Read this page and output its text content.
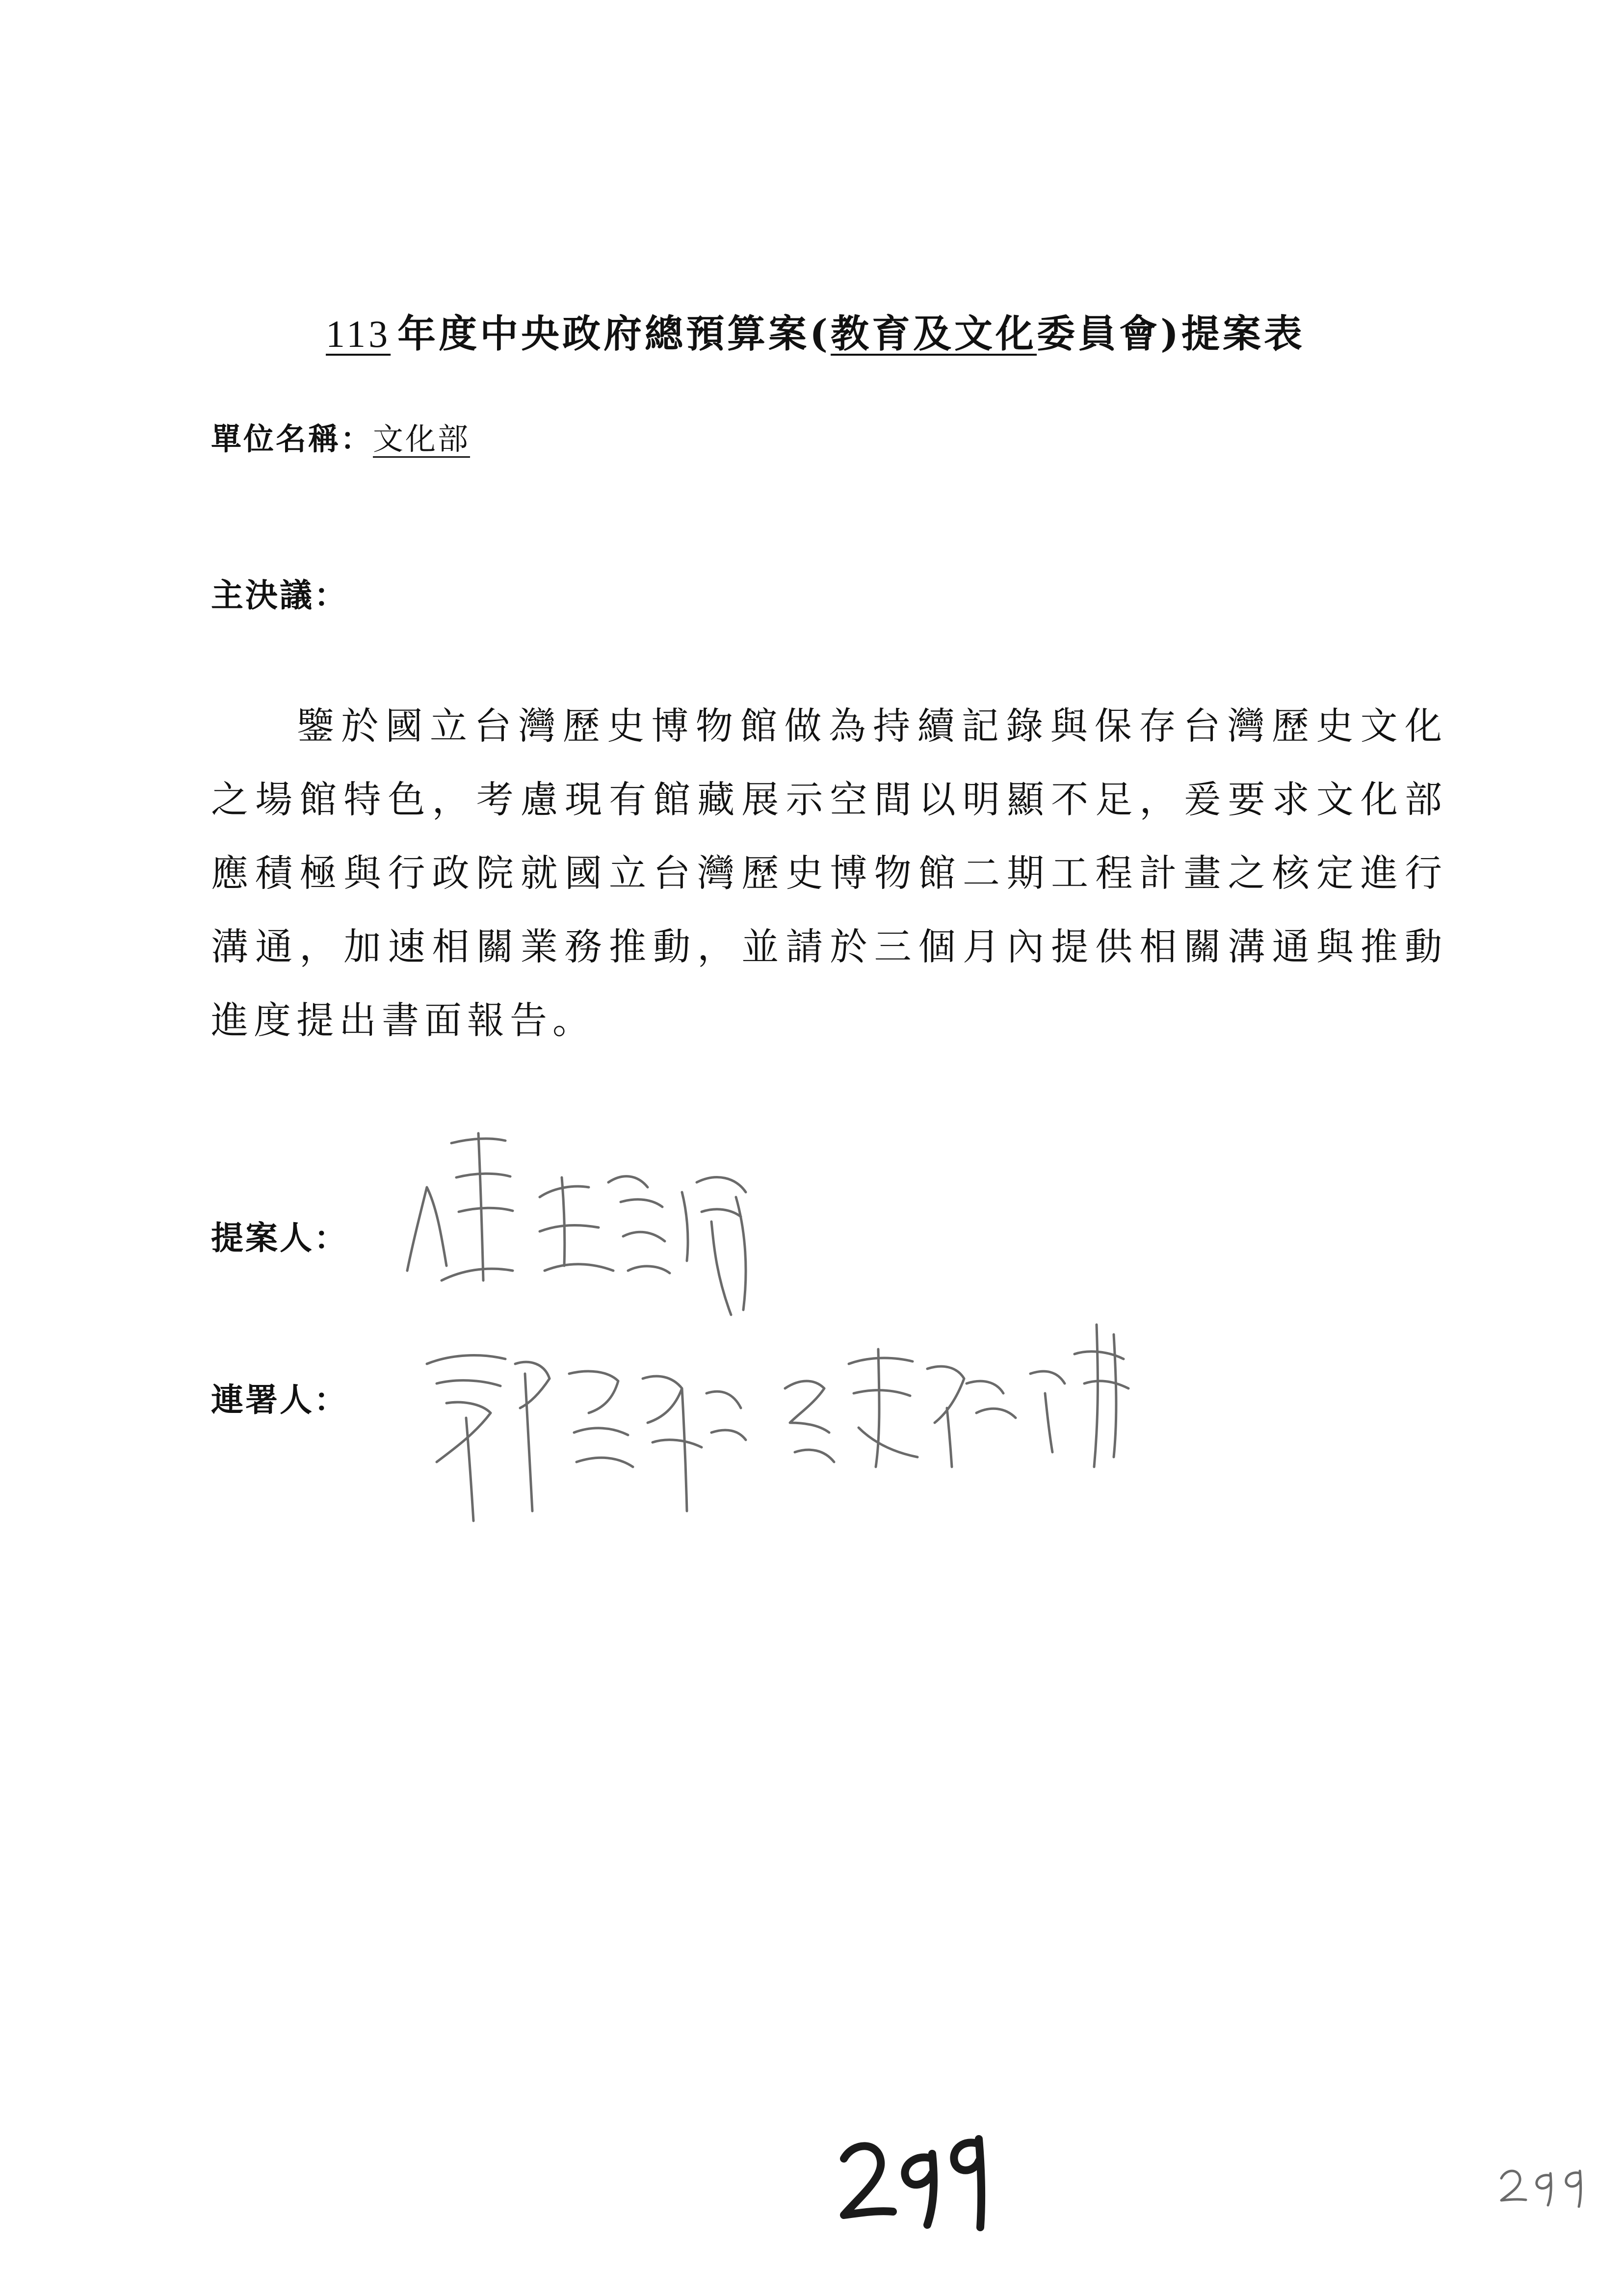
113 年度中央政府總預算案(教育及文化委員會)提案表
單位名稱：文化部
主決議：
鑒於國立台灣歷史博物館做為持續記錄與保存台灣歷史文化之場館特色，考慮現有館藏展示空間以明顯不足，爰要求文化部應積極與行政院就國立台灣歷史博物館二期工程計畫之核定進行溝通，加速相關業務推動，並請於三個月內提供相關溝通與推動進度提出書面報告。
提案人：
連署人：
